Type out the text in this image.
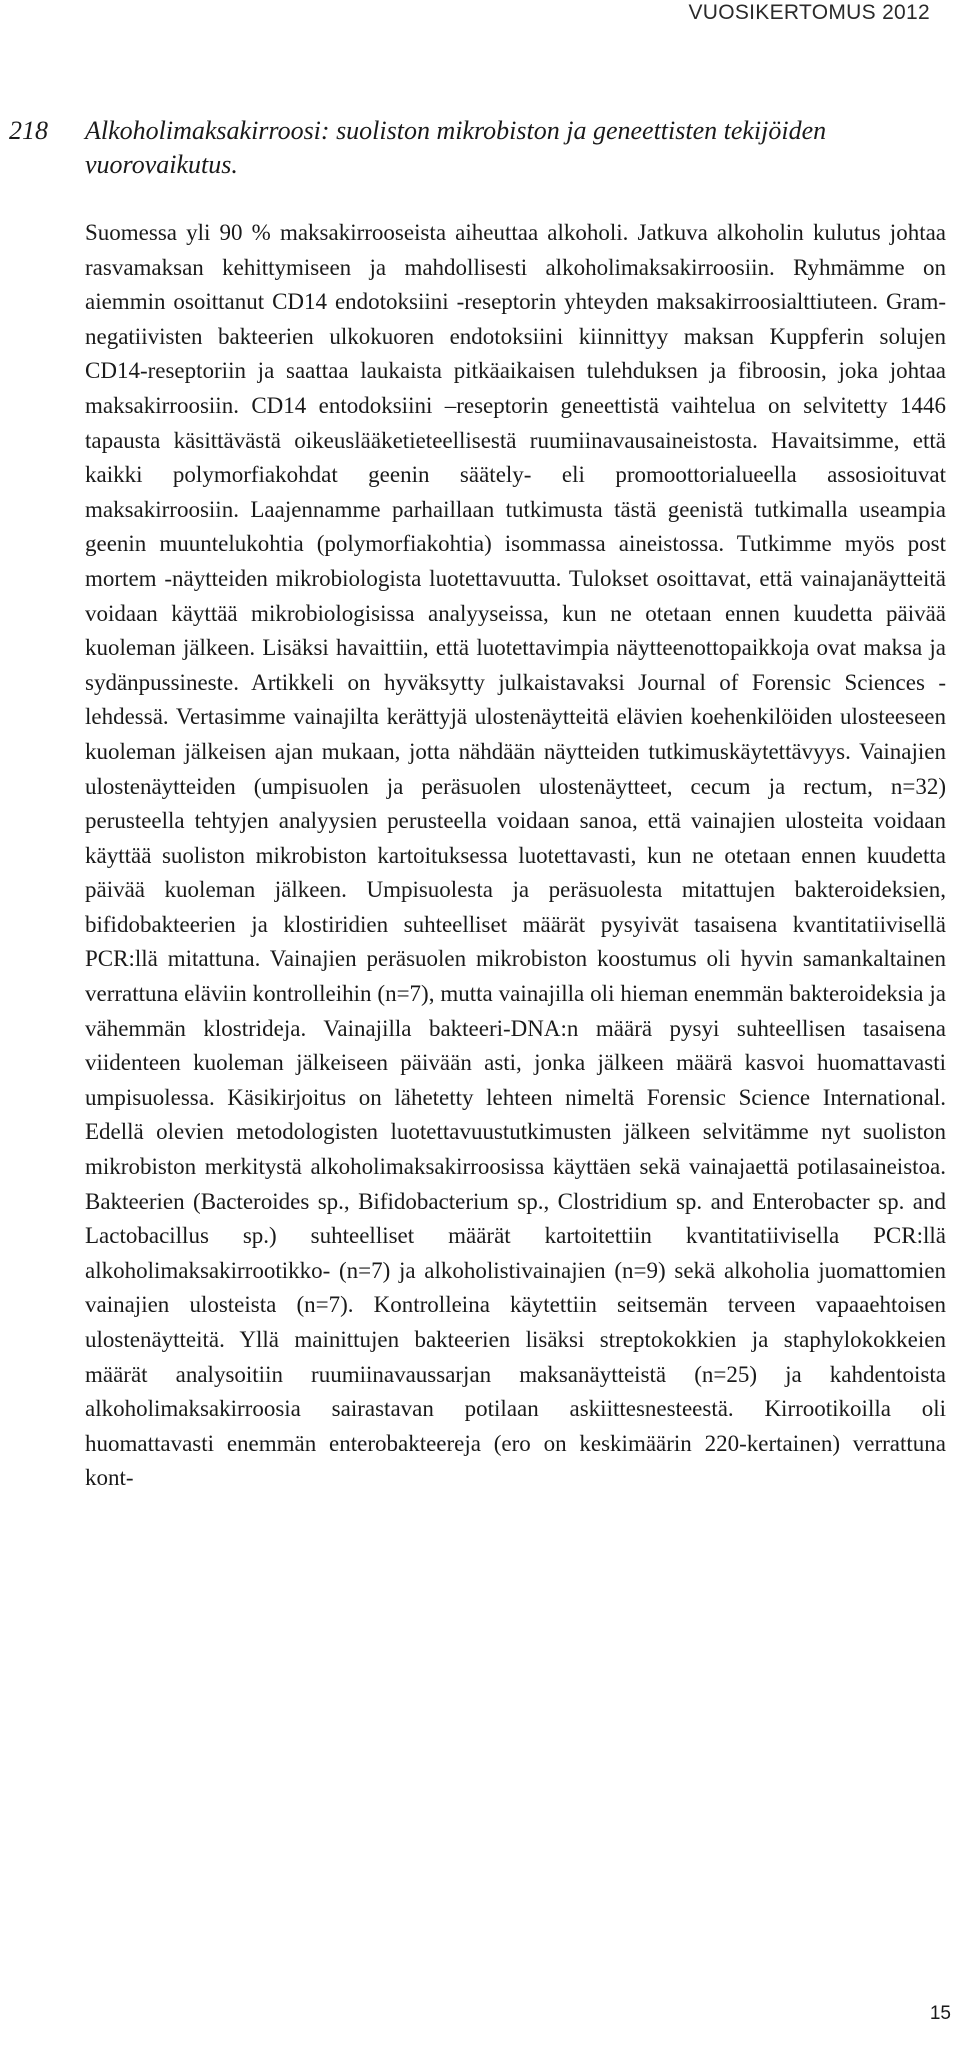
VUOSIKERTOMUS 2012
218 Alkoholimaksakirroosi: suoliston mikrobiston ja geneettisten tekijöiden vuorovaikutus.

Suomessa yli 90 % maksakirrooseista aiheuttaa alkoholi. Jatkuva alkoholin kulutus johtaa rasvamaksan kehittymiseen ja mahdollisesti alkoholimaksakirroosiin. Ryhmämme on aiemmin osoittanut CD14 endotoksiini -reseptorin yhteyden maksakirroosialttiuteen. Gram-negatiivisten bakteerien ulkokuoren endotoksiini kiinnittyy maksan Kuppferin solujen CD14-reseptoriin ja saattaa laukaista pitkäaikaisen tulehduksen ja fibroosin, joka johtaa maksakirroosiin. CD14 entodoksiini –reseptorin geneettistä vaihtelua on selvitetty 1446 tapausta käsittävästä oikeuslääketieteellisestä ruumiinavausaineistosta. Havaitsimme, että kaikki polymorfiakohdat geenin säätely- eli promoottorialueella assosioituvat maksakirroosiin. Laajennamme parhaillaan tutkimusta tästä geenistä tutkimalla useampia geenin muuntelukohtia (polymorfiakohtia) isommassa aineistossa. Tutkimme myös post mortem -näytteiden mikrobiologista luotettavuutta. Tulokset osoittavat, että vainajanäytteitä voidaan käyttää mikrobiologisissa analyyseissa, kun ne otetaan ennen kuudetta päivää kuoleman jälkeen. Lisäksi havaittiin, että luotettavimpia näytteenottopaikkoja ovat maksa ja sydänpussineste. Artikkeli on hyväksytty julkaistavaksi Journal of Forensic Sciences -lehdessä. Vertasimme vainajilta kerättyjä ulostenäytteitä elävien koehenkilöiden ulosteeseen kuoleman jälkeisen ajan mukaan, jotta nähdään näytteiden tutkimuskäytettävyys. Vainajien ulostenäytteiden (umpisuolen ja peräsuolen ulostenäytteet, cecum ja rectum, n=32) perusteella tehtyjen analyysien perusteella voidaan sanoa, että vainajien ulosteita voidaan käyttää suoliston mikrobiston kartoituksessa luotettavasti, kun ne otetaan ennen kuudetta päivää kuoleman jälkeen. Umpisuolesta ja peräsuolesta mitattujen bakteroideksien, bifidobakteerien ja klostiridien suhteelliset määrät pysyivät tasaisena kvantitatiivisellä PCR:llä mitattuna. Vainajien peräsuolen mikrobiston koostumus oli hyvin samankaltainen verrattuna eläviin kontrolleihin (n=7), mutta vainajilla oli hieman enemmän bakteroideksia ja vähemmän klostrideja. Vainajilla bakteeri-DNA:n määrä pysyi suhteellisen tasaisena viidenteen kuoleman jälkeiseen päivään asti, jonka jälkeen määrä kasvoi huomattavasti umpisuolessa. Käsikirjoitus on lähetetty lehteen nimeltä Forensic Science International. Edellä olevien metodologisten luotettavuustutkimusten jälkeen selvitämme nyt suoliston mikrobiston merkitystä alkoholimaksakirroosissa käyttäen sekä vainajaettä potilasaineistoa. Bakteerien (Bacteroides sp., Bifidobacterium sp., Clostridium sp. and Enterobacter sp. and Lactobacillus sp.) suhteelliset määrät kartoitettiin kvantitatiivisella PCR:llä alkoholimaksakirrootikko- (n=7) ja alkoholistivainajien (n=9) sekä alkoholia juomattomien vainajien ulosteista (n=7). Kontrolleina käytettiin seitsemän terveen vapaaehtoisen ulostenäytteitä. Yllä mainittujen bakteerien lisäksi streptokokkien ja staphylokokkeien määrät analysoitiin ruumiinavaussarjan maksanäytteistä (n=25) ja kahdentoista alkoholimaksakirroosia sairastavan potilaan askiittesnesteestä. Kirrootikoilla oli huomattavasti enemmän enterobakteereja (ero on keskimäärin 220-kertainen) verrattuna kont-

15
